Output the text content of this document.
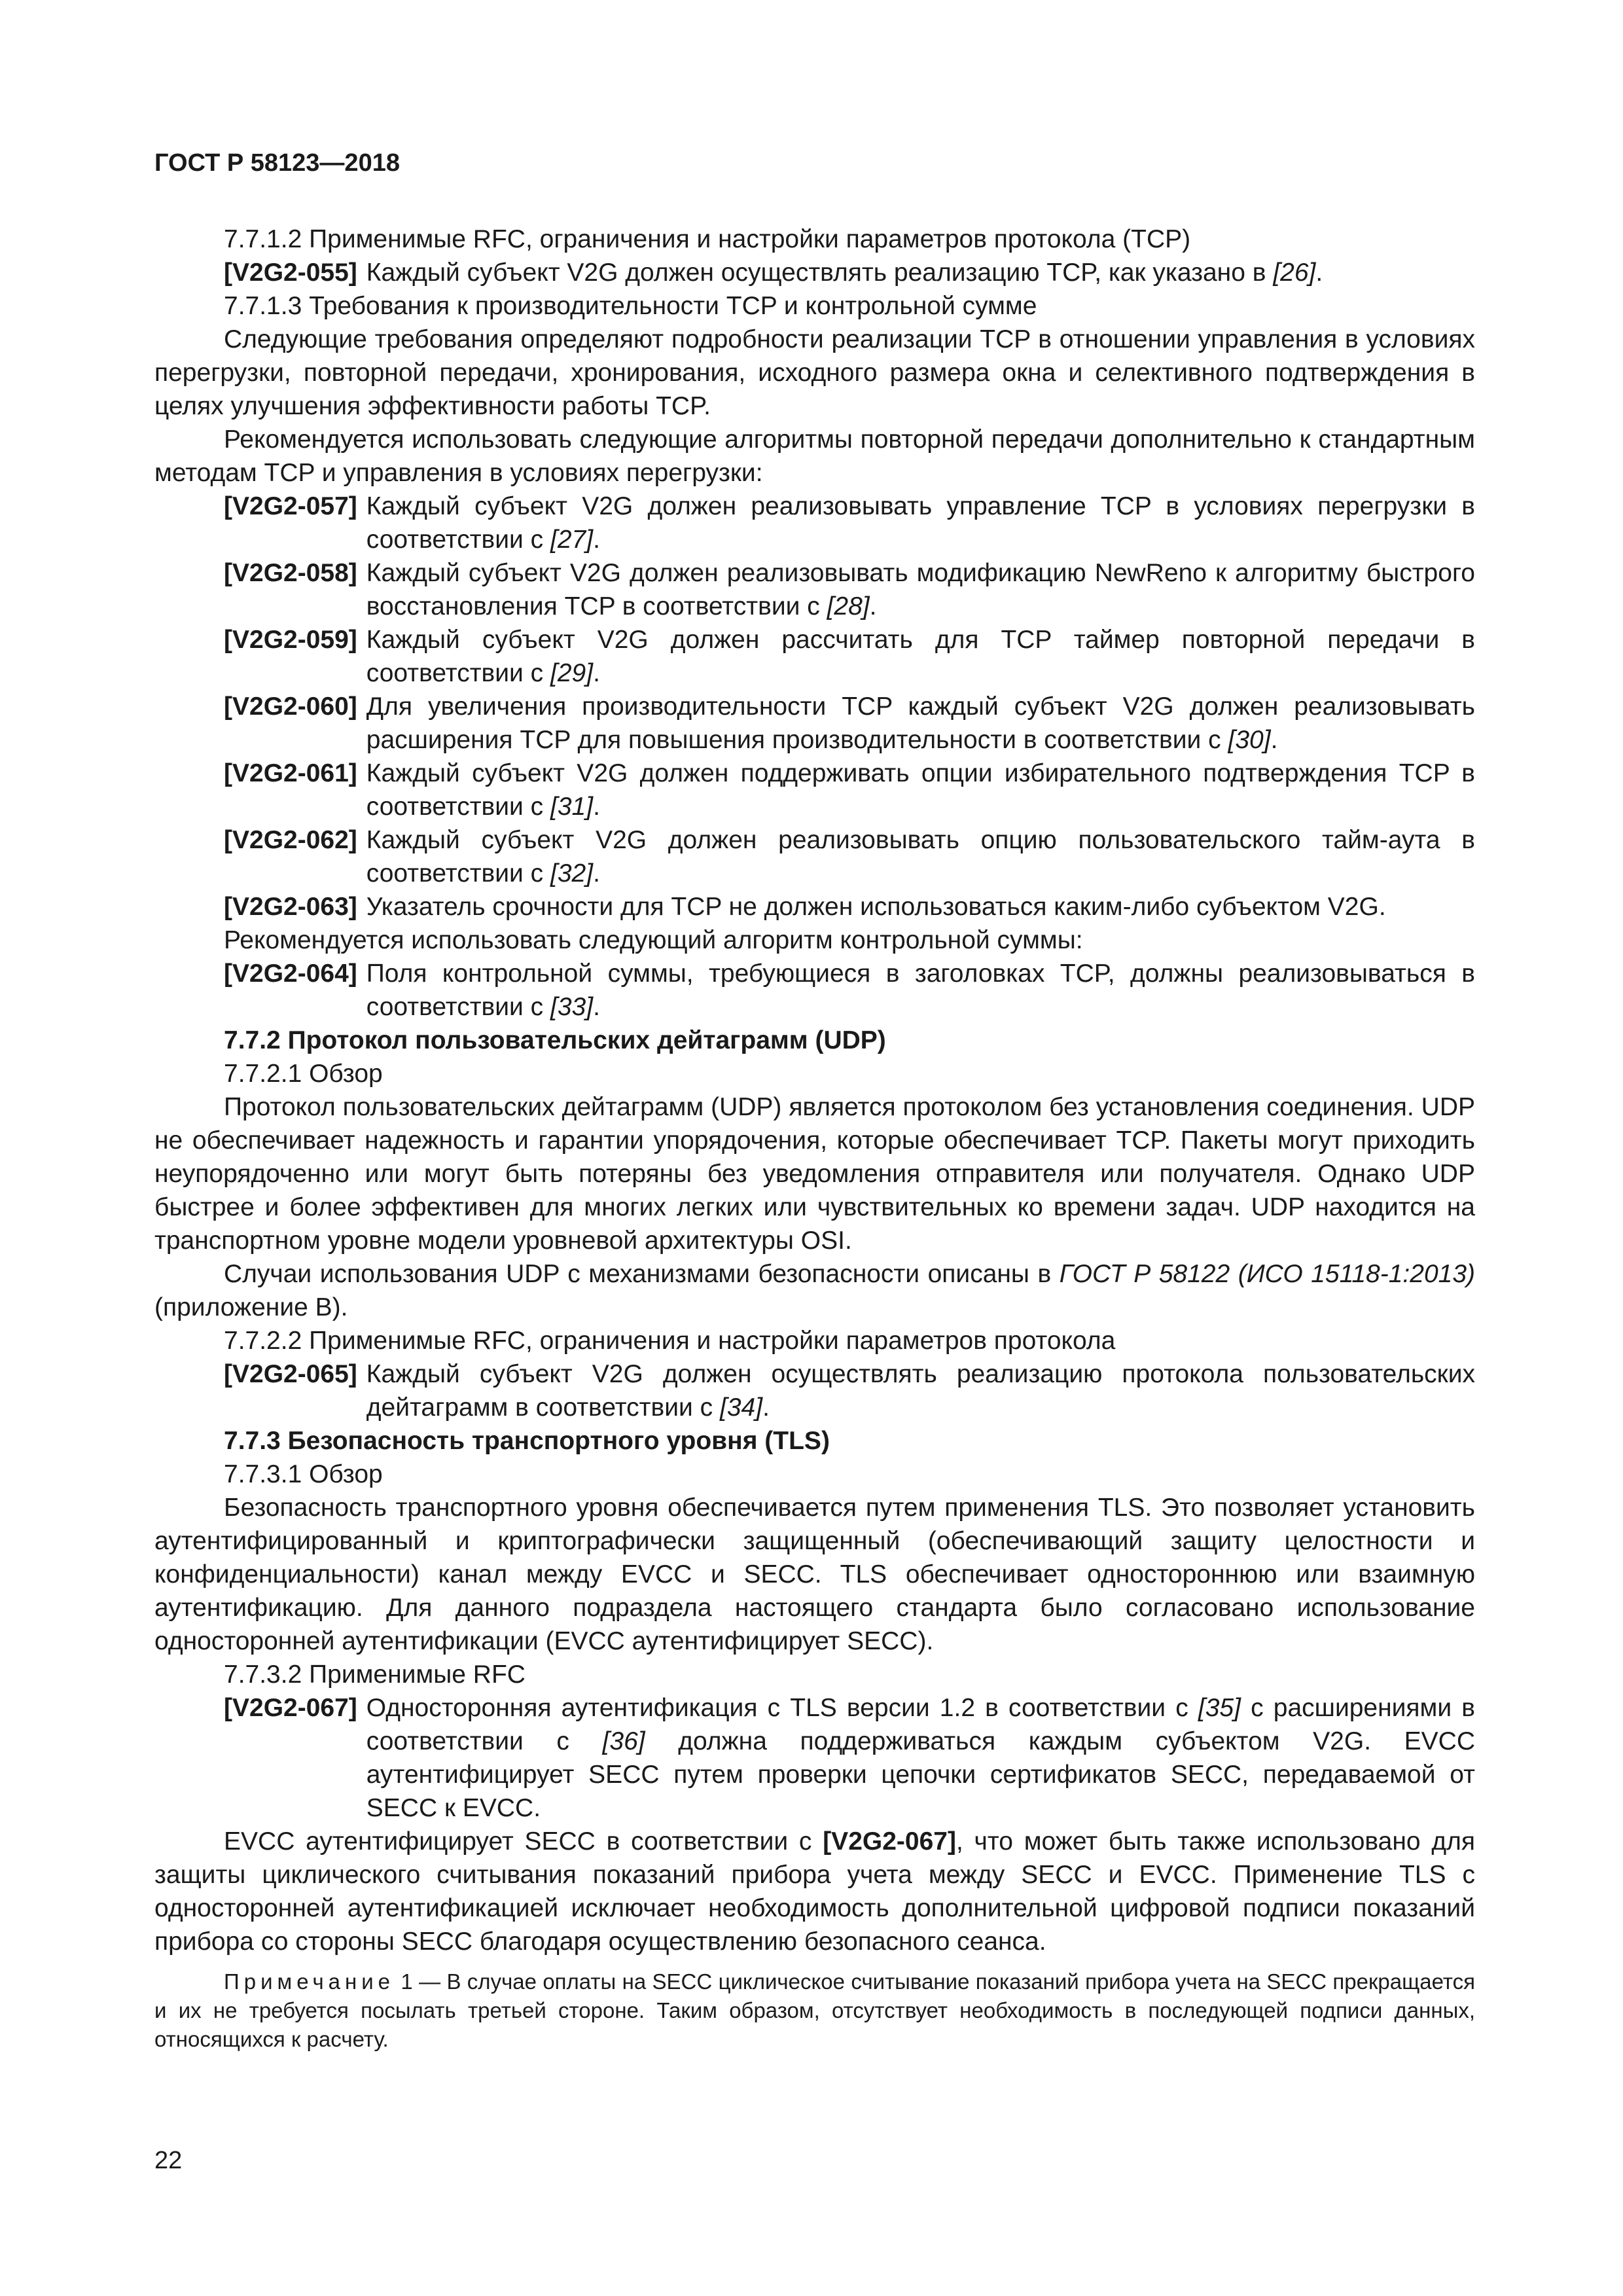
ГОСТ Р 58123—2018
7.7.1.2 Применимые RFC, ограничения и настройки параметров протокола (TCP)
[V2G2-055] Каждый субъект V2G должен осуществлять реализацию TCP, как указано в [26].
7.7.1.3 Требования к производительности TCP и контрольной сумме

Следующие требования определяют подробности реализации TCP в отношении управления в условиях перегрузки, повторной передачи, хронирования, исходного размера окна и селективного подтверждения в целях улучшения эффективности работы TCP.

Рекомендуется использовать следующие алгоритмы повторной передачи дополнительно к стандартным методам TCP и управления в условиях перегрузки:

[V2G2-057] Каждый субъект V2G должен реализовывать управление TCP в условиях перегрузки в соответствии с [27].
[V2G2-058] Каждый субъект V2G должен реализовывать модификацию NewReno к алгоритму быстрого восстановления TCP в соответствии с [28].
[V2G2-059] Каждый субъект V2G должен рассчитать для TCP таймер повторной передачи в соответствии с [29].
[V2G2-060] Для увеличения производительности TCP каждый субъект V2G должен реализовывать расширения TCP для повышения производительности в соответствии с [30].
[V2G2-061] Каждый субъект V2G должен поддерживать опции избирательного подтверждения TCP в соответствии с [31].
[V2G2-062] Каждый субъект V2G должен реализовывать опцию пользовательского тайм-аута в соответствии с [32].
[V2G2-063] Указатель срочности для TCP не должен использоваться каким-либо субъектом V2G.
Рекомендуется использовать следующий алгоритм контрольной суммы:
[V2G2-064] Поля контрольной суммы, требующиеся в заголовках TCP, должны реализовываться в соответствии с [33].
7.7.2 Протокол пользовательских дейтаграмм (UDP)
7.7.2.1 Обзор

Протокол пользовательских дейтаграмм (UDP) является протоколом без установления соединения. UDP не обеспечивает надежность и гарантии упорядочения, которые обеспечивает TCP. Пакеты могут приходить неупорядоченно или могут быть потеряны без уведомления отправителя или получателя. Однако UDP быстрее и более эффективен для многих легких или чувствительных ко времени задач. UDP находится на транспортном уровне модели уровневой архитектуры OSI.

Случаи использования UDP с механизмами безопасности описаны в ГОСТ Р 58122 (ИСО 15118-1:2013) (приложение В).

7.7.2.2 Применимые RFC, ограничения и настройки параметров протокола
[V2G2-065] Каждый субъект V2G должен осуществлять реализацию протокола пользовательских дейтаграмм в соответствии с [34].
7.7.3 Безопасность транспортного уровня (TLS)
7.7.3.1 Обзор

Безопасность транспортного уровня обеспечивается путем применения TLS. Это позволяет установить аутентифицированный и криптографически защищенный (обеспечивающий защиту целостности и конфиденциальности) канал между EVCC и SECC. TLS обеспечивает одностороннюю или взаимную аутентификацию. Для данного подраздела настоящего стандарта было согласовано использование односторонней аутентификации (EVCC аутентифицирует SECC).

7.7.3.2 Применимые RFC
[V2G2-067] Односторонняя аутентификация с TLS версии 1.2 в соответствии с [35] с расширениями в соответствии с [36] должна поддерживаться каждым субъектом V2G. EVCC аутентифицирует SECC путем проверки цепочки сертификатов SECC, передаваемой от SECC к EVCC.

EVCC аутентифицирует SECC в соответствии с [V2G2-067], что может быть также использовано для защиты циклического считывания показаний прибора учета между SECC и EVCC. Применение TLS с односторонней аутентификацией исключает необходимость дополнительной цифровой подписи показаний прибора со стороны SECC благодаря осуществлению безопасного сеанса.

Примечание 1 — В случае оплаты на SECC циклическое считывание показаний прибора учета на SECC прекращается и их не требуется посылать третьей стороне. Таким образом, отсутствует необходимость в последующей подписи данных, относящихся к расчету.

22
